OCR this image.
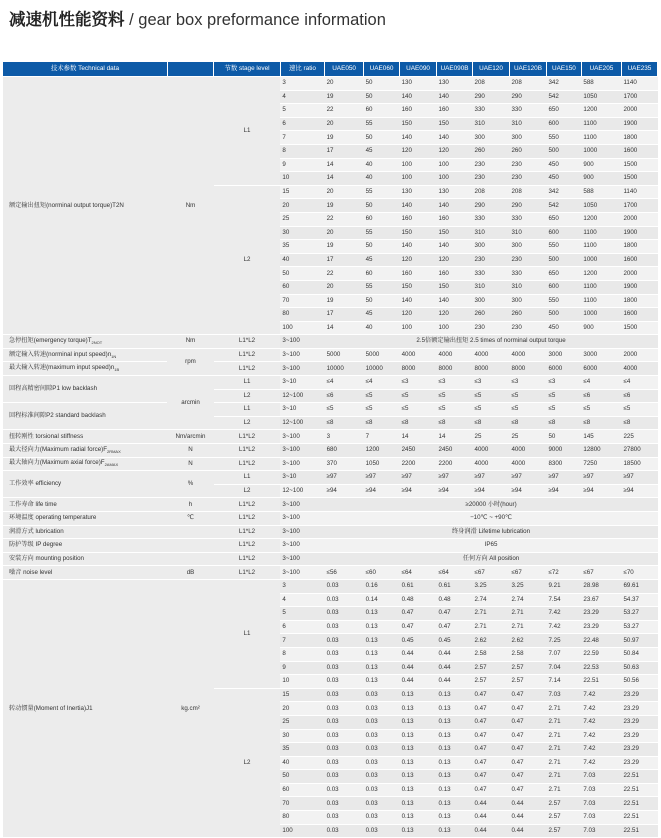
减速机性能资料 / gear box preformance information
技术参数 Technical data		节数 stage level	速比 ratio	UAE050	UAE060	UAE090	UAE090B	UAE120	UAE120B	UAE150	UAE205	UAE235
额定输出扭矩(norminal output torque)T2N	Nm	L1	3	20	50	130	130	208	208	342	588	1140
			4	19	50	140	140	290	290	542	1050	1700
			5	22	60	160	160	330	330	650	1200	2000
			6	20	55	150	150	310	310	600	1100	1900
			7	19	50	140	140	300	300	550	1100	1800
			8	17	45	120	120	260	260	500	1000	1600
			9	14	40	100	100	230	230	450	900	1500
			10	14	40	100	100	230	230	450	900	1500
		L2	15	20	55	130	130	208	208	342	588	1140
			20	19	50	140	140	290	290	542	1050	1700
			25	22	60	160	160	330	330	650	1200	2000
			30	20	55	150	150	310	310	600	1100	1900
			35	19	50	140	140	300	300	550	1100	1800
			40	17	45	120	120	230	230	500	1000	1600
			50	22	60	160	160	330	330	650	1200	2000
			60	20	55	150	150	310	310	600	1100	1900
			70	19	50	140	140	300	300	550	1100	1800
			80	17	45	120	120	260	260	500	1000	1600
			100	14	40	100	100	230	230	450	900	1500
急停扭矩(emergency $torque)T_{2NOT}$	Nm	L1*L2	3~100	2.5倍额定输出扭矩 2.5 times of norminal output torque								
额定输入转速(norminal input $speed)n_{1N}$	rpm	L1*L2	3~100	5000	5000	4000	4000	4000	4000	3000	3000	2000
最大输入转速(maximum input $speed)n_{1B}$		L1*L2	3~100	10000	10000	8000	8000	8000	8000	6000	6000	4000
回程高精密间隙P1 low backlash	arcmin	L1	3~10	≤4	≤4	≤3	≤3	≤3	≤3	≤3	≤4	≤4
		L2	12~100	≤6	≤5	≤5	≤5	≤5	≤5	≤5	≤6	≤6
回程标准间隙P2 standard backlash		L1	3~10	≤5	≤5	≤5	≤5	≤5	≤5	≤5	≤5	≤5
		L2	12~100	≤8	≤8	≤8	≤8	≤8	≤8	≤8	≤8	≤8
扭转刚性 torsional stiffness	Nm/arcmin	L1*L2	3~100	3	7	14	14	25	25	50	145	225
最大径向力(Maximum radial $force)F_{2RMAX}$	N	L1*L2	3~100	680	1200	2450	2450	4000	4000	9000	12800	27800
最大轴向力(Maximum axial $force)F_{2AMAX}$	N	L1*L2	3~100	370	1050	2200	2200	4000	4000	8300	7250	18500
工作效率 efficiency	%	L1	3~10	≥97	≥97	≥97	≥97	≥97	≥97	≥97	≥97	≥97
		L2	12~100	≥94	≥94	≥94	≥94	≥94	≥94	≥94	≥94	≥94
工作寿命 life time	h	L1*L2	3~100	≥20000 小时(hour)								
环境温度 operating temperature	℃	L1*L2	3~100	−10℃ ~ +90℃								
润滑方式 lubrication		L1*L2	3~100	终身润滑 Lifetime lubrication								
防护等级 IP degree		L1*L2	3~100	IP65								
安装方向 mounting position		L1*L2	3~100	任何方向 All position								
噪音 noise level	dB	L1*L2	3~100	≤56	≤60	≤64	≤64	≤67	≤67	≤72	≤67	≤70
转动惯量(Moment of Inertia)J1	kg.cm²	L1	3	0.03	0.16	0.61	0.61	3.25	3.25	9.21	28.98	69.61
			4	0.03	0.14	0.48	0.48	2.74	2.74	7.54	23.67	54.37
			5	0.03	0.13	0.47	0.47	2.71	2.71	7.42	23.29	53.27
			6	0.03	0.13	0.47	0.47	2.71	2.71	7.42	23.29	53.27
			7	0.03	0.13	0.45	0.45	2.62	2.62	7.25	22.48	50.97
			8	0.03	0.13	0.44	0.44	2.58	2.58	7.07	22.59	50.84
			9	0.03	0.13	0.44	0.44	2.57	2.57	7.04	22.53	50.63
			10	0.03	0.13	0.44	0.44	2.57	2.57	7.14	22.51	50.56
		L2	15	0.03	0.03	0.13	0.13	0.47	0.47	7.03	7.42	23.29
			20	0.03	0.03	0.13	0.13	0.47	0.47	2.71	7.42	23.29
			25	0.03	0.03	0.13	0.13	0.47	0.47	2.71	7.42	23.29
			30	0.03	0.03	0.13	0.13	0.47	0.47	2.71	7.42	23.29
			35	0.03	0.03	0.13	0.13	0.47	0.47	2.71	7.42	23.29
			40	0.03	0.03	0.13	0.13	0.47	0.47	2.71	7.42	23.29
			50	0.03	0.03	0.13	0.13	0.47	0.47	2.71	7.03	22.51
			60	0.03	0.03	0.13	0.13	0.47	0.47	2.71	7.03	22.51
			70	0.03	0.03	0.13	0.13	0.44	0.44	2.57	7.03	22.51
			80	0.03	0.03	0.13	0.13	0.44	0.44	2.57	7.03	22.51
			100	0.03	0.03	0.13	0.13	0.44	0.44	2.57	7.03	22.51
